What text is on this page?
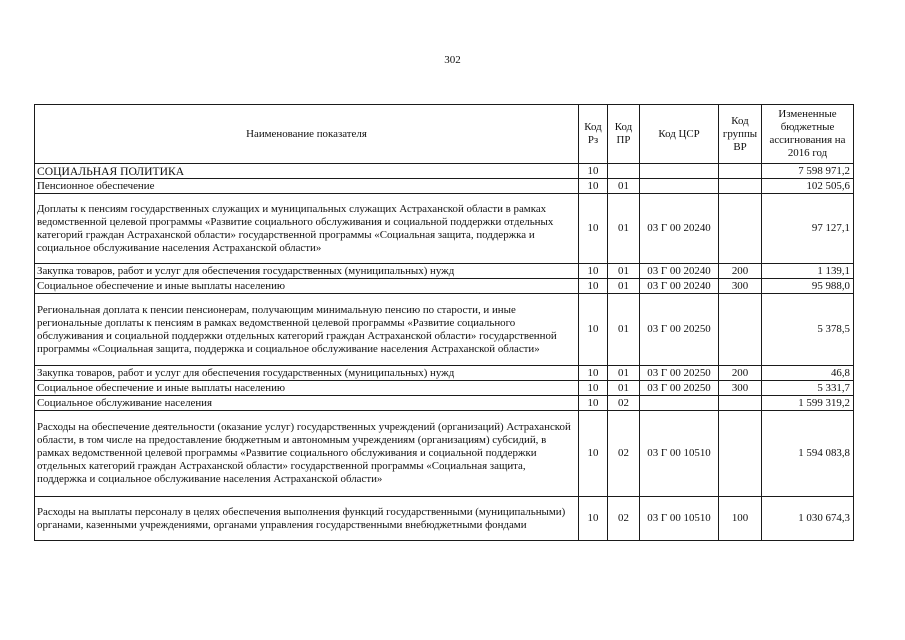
302
Наименование показателя	Код Рз	Код ПР	Код ЦСР	Код группы ВР	Измененные бюджетные ассигнования на 2016 год
СОЦИАЛЬНАЯ ПОЛИТИКА	10				7 598 971,2
Пенсионное обеспечение	10	01			102 505,6
Доплаты к пенсиям государственных служащих и муниципальных служащих Астраханской области в рамках ведомственной целевой программы «Развитие социального обслуживания и социальной поддержки отдельных категорий граждан Астраханской области» государственной программы «Социальная защита, поддержка и социальное обслуживание населения Астраханской области»	10	01	03 Г 00 20240		97 127,1
Закупка товаров, работ и услуг для обеспечения государственных (муниципальных) нужд	10	01	03 Г 00 20240	200	1 139,1
Социальное обеспечение и иные выплаты населению	10	01	03 Г 00 20240	300	95 988,0
Региональная доплата к пенсии пенсионерам, получающим минимальную пенсию по старости, и иные региональные доплаты к пенсиям в рамках ведомственной целевой программы «Развитие социального обслуживания и социальной поддержки отдельных категорий граждан Астраханской области» государственной программы «Социальная защита, поддержка и социальное обслуживание населения Астраханской области»	10	01	03 Г 00 20250		5 378,5
Закупка товаров, работ и услуг для обеспечения государственных (муниципальных) нужд	10	01	03 Г 00 20250	200	46,8
Социальное обеспечение и иные выплаты населению	10	01	03 Г 00 20250	300	5 331,7
Социальное обслуживание населения	10	02			1 599 319,2
Расходы на обеспечение деятельности (оказание услуг) государственных учреждений (организаций) Астраханской области, в том числе на предоставление бюджетным и автономным учреждениям (организациям) субсидий, в рамках ведомственной целевой программы «Развитие социального обслуживания и социальной поддержки отдельных категорий граждан Астраханской области» государственной программы «Социальная защита, поддержка и социальное обслуживание населения Астраханской области»	10	02	03 Г 00 10510		1 594 083,8
Расходы на выплаты персоналу в целях обеспечения выполнения функций государственными (муниципальными) органами, казенными учреждениями, органами управления государственными внебюджетными фондами	10	02	03 Г 00 10510	100	1 030 674,3
